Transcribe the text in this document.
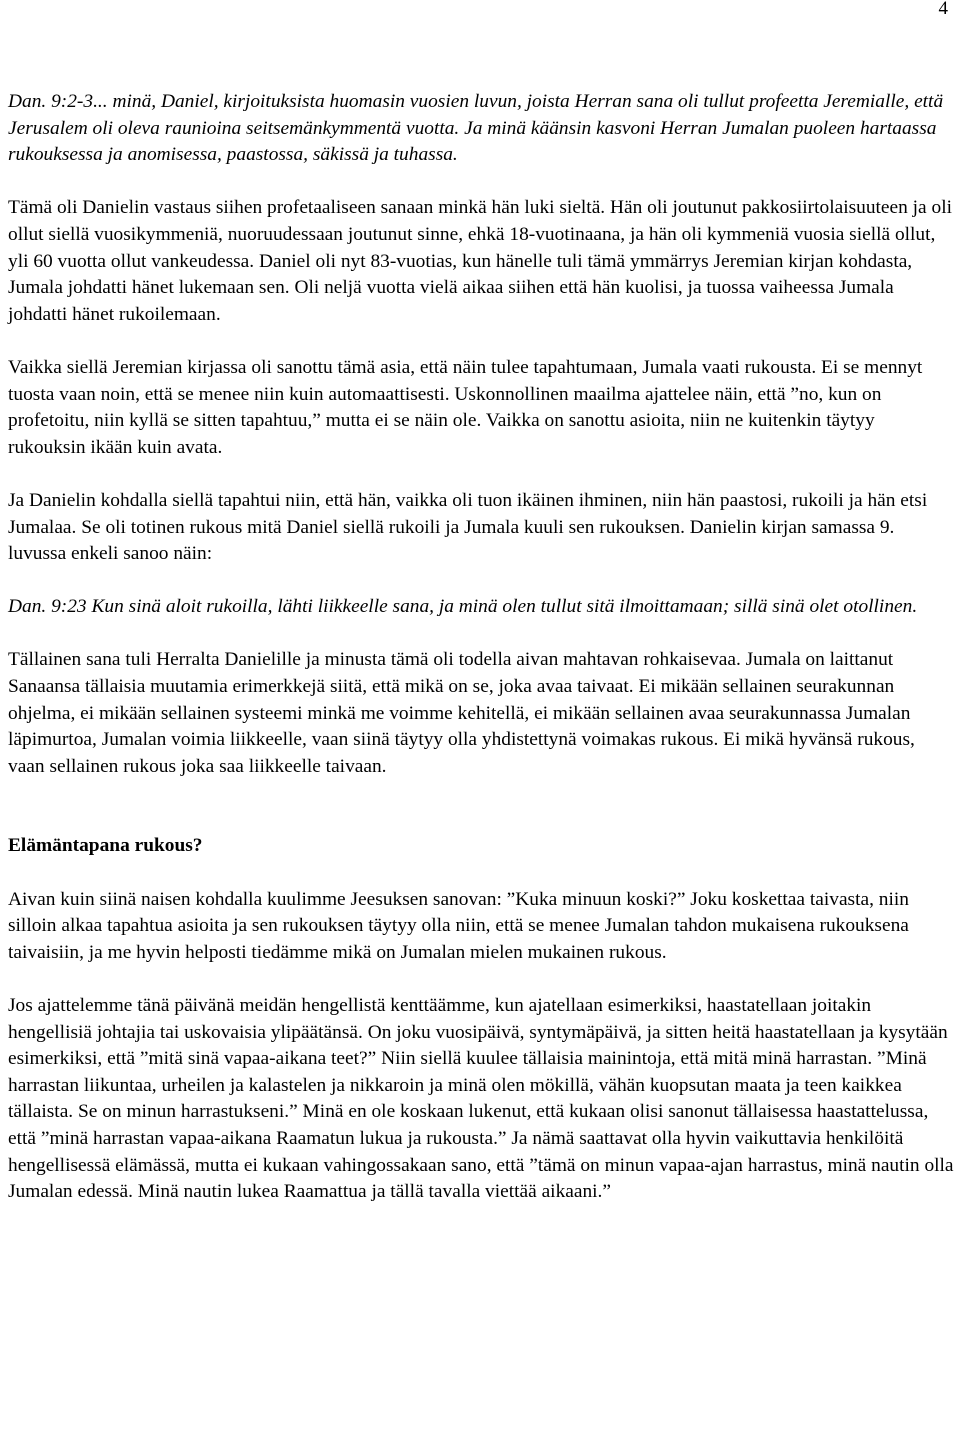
4

Dan. 9:2-3... minä, Daniel, kirjoituksista huomasin vuosien luvun, joista Herran sana oli tullut profeetta Jeremialle, että Jerusalem oli oleva raunioina seitsemänkymmentä vuotta. Ja minä käänsin kasvoni Herran Jumalan puoleen hartaassa rukouksessa ja anomisessa, paastossa, säkissä ja tuhassa.

Tämä oli Danielin vastaus siihen profetaaliseen sanaan minkä hän luki sieltä. Hän oli joutunut pakkosiirtolaisuuteen ja oli ollut siellä vuosikymmeniä, nuoruudessaan joutunut sinne, ehkä 18-vuotinaana, ja hän oli kymmeniä vuosia siellä ollut, yli 60 vuotta ollut vankeudessa. Daniel oli nyt 83-vuotias, kun hänelle tuli tämä ymmärrys Jeremian kirjan kohdasta, Jumala johdatti hänet lukemaan sen. Oli neljä vuotta vielä aikaa siihen että hän kuolisi, ja tuossa vaiheessa Jumala johdatti hänet rukoilemaan.

Vaikka siellä Jeremian kirjassa oli sanottu tämä asia, että näin tulee tapahtumaan, Jumala vaati rukousta. Ei se mennyt tuosta vaan noin, että se menee niin kuin automaattisesti. Uskonnollinen maailma ajattelee näin, että ”no, kun on profetoitu, niin kyllä se sitten tapahtuu,” mutta ei se näin ole. Vaikka on sanottu asioita, niin ne kuitenkin täytyy rukouksin ikään kuin avata.

Ja Danielin kohdalla siellä tapahtui niin, että hän, vaikka oli tuon ikäinen ihminen, niin hän paastosi, rukoili ja hän etsi Jumalaa. Se oli totinen rukous mitä Daniel siellä rukoili ja Jumala kuuli sen rukouksen. Danielin kirjan samassa 9. luvussa enkeli sanoo näin:

Dan. 9:23 Kun sinä aloit rukoilla, lähti liikkeelle sana, ja minä olen tullut sitä ilmoittamaan; sillä sinä olet otollinen.

Tällainen sana tuli Herralta Danielille ja minusta tämä oli todella aivan mahtavan rohkaisevaa. Jumala on laittanut Sanaansa tällaisia muutamia erimerkkejä siitä, että mikä on se, joka avaa taivaat. Ei mikään sellainen seurakunnan ohjelma, ei mikään sellainen systeemi minkä me voimme kehitellä, ei mikään sellainen avaa seurakunnassa Jumalan läpimurtoa, Jumalan voimia liikkeelle, vaan siinä täytyy olla yhdistettynä voimakas rukous. Ei mikä hyvänsä rukous, vaan sellainen rukous joka saa liikkeelle taivaan.

Elämäntapana rukous?

Aivan kuin siinä naisen kohdalla kuulimme Jeesuksen sanovan: ”Kuka minuun koski?” Joku koskettaa taivasta, niin silloin alkaa tapahtua asioita ja sen rukouksen täytyy olla niin, että se menee Jumalan tahdon mukaisena rukouksena taivaisiin, ja me hyvin helposti tiedämme mikä on Jumalan mielen mukainen rukous.

Jos ajattelemme tänä päivänä meidän hengellistä kenttäämme, kun ajatellaan esimerkiksi, haastatellaan joitakin hengellisiä johtajia tai uskovaisia ylipäätänsä. On joku vuosipäivä, syntymäpäivä, ja sitten heitä haastatellaan ja kysytään esimerkiksi, että ”mitä sinä vapaa-aikana teet?” Niin siellä kuulee tällaisia mainintoja, että mitä minä harrastan. ”Minä harrastan liikuntaa, urheilen ja kalastelen ja nikkaroin ja minä olen mökillä, vähän kuopsutan maata ja teen kaikkea tällaista. Se on minun harrastukseni.” Minä en ole koskaan lukenut, että kukaan olisi sanonut tällaisessa haastattelussa, että ”minä harrastan vapaa-aikana Raamatun lukua ja rukousta.” Ja nämä saattavat olla hyvin vaikuttavia henkilöitä hengellisessä elämässä, mutta ei kukaan vahingossakaan sano, että ”tämä on minun vapaa-ajan harrastus, minä nautin olla Jumalan edessä. Minä nautin lukea Raamattua ja tällä tavalla viettää aikaani.”
